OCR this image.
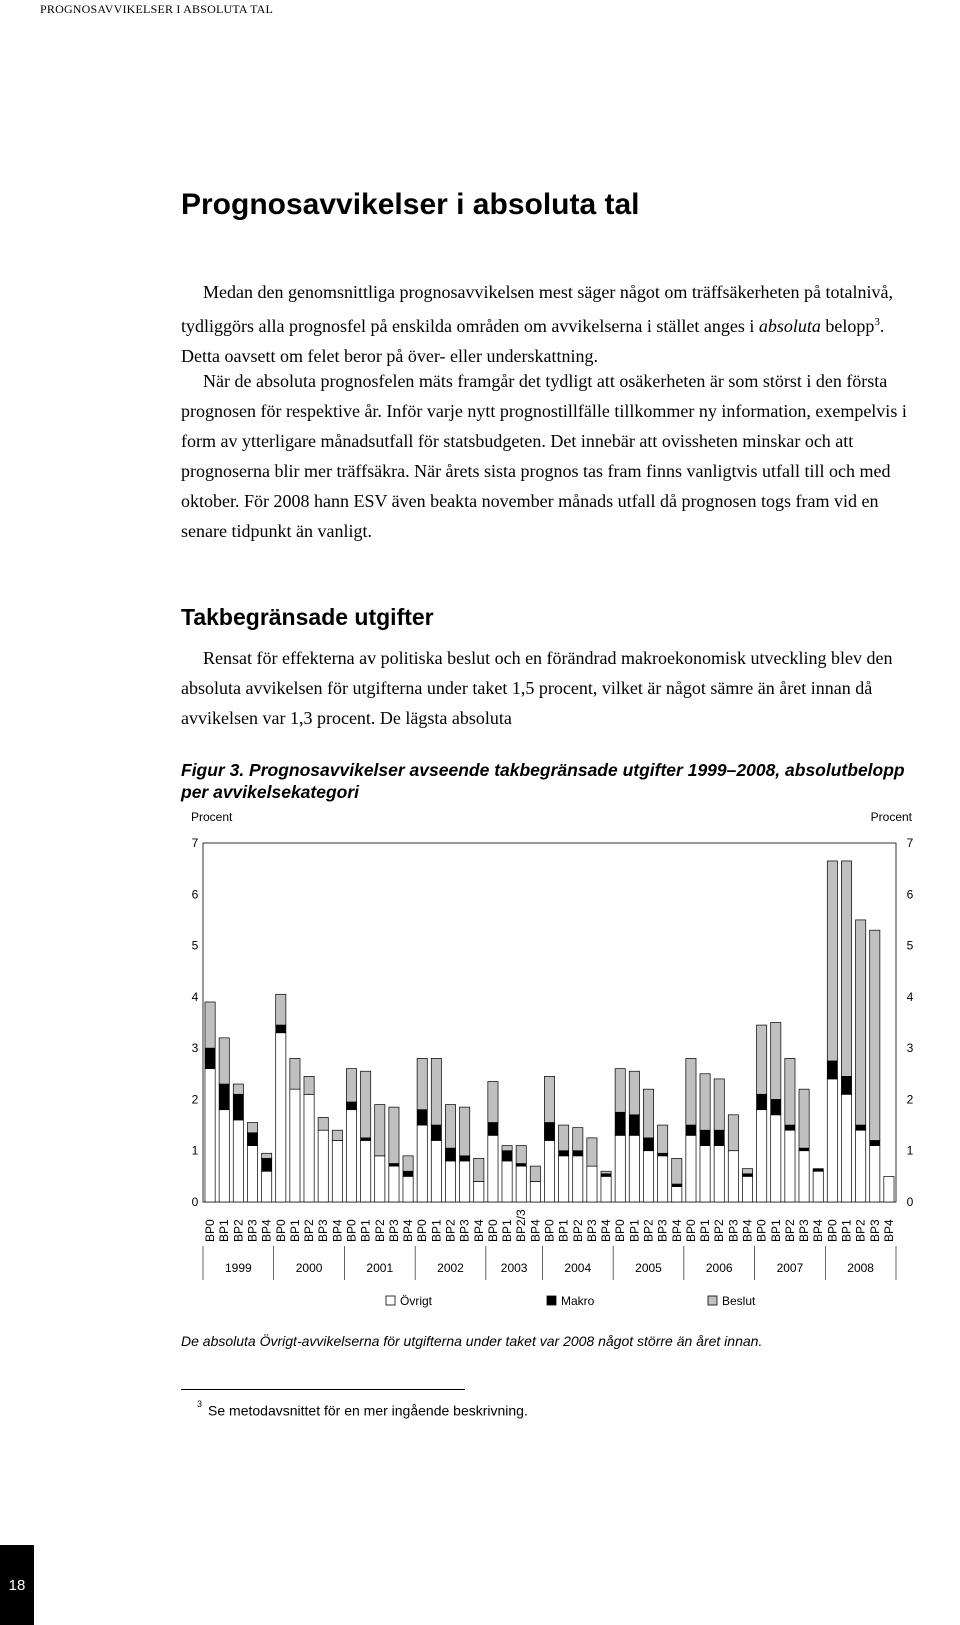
PROGNOSAVVIKELSER I ABSOLUTA TAL
Prognosavvikelser i absoluta tal

Medan den genomsnittliga prognosavvikelsen mest säger något om träffsäkerheten på totalnivå, tydliggörs alla prognosfel på enskilda områden om avvikelserna i stället anges i absoluta belopp$^3$. Detta oavsett om felet beror på över- eller underskattning.

När de absoluta prognosfelen mäts framgår det tydligt att osäkerheten är som störst i den första prognosen för respektive år. Inför varje nytt prognostillfälle tillkommer ny information, exempelvis i form av ytterligare månadsutfall för statsbudgeten. Det innebär att ovissheten minskar och att prognoserna blir mer träffsäkra. När årets sista prognos tas fram finns vanligtvis utfall till och med oktober. För 2008 hann ESV även beakta november månads utfall då prognosen togs fram vid en senare tidpunkt än vanligt.

Takbegränsade utgifter

Rensat för effekterna av politiska beslut och en förändrad makroekonomisk utveckling blev den absoluta avvikelsen för utgifterna under taket 1,5 procent, vilket är något sämre än året innan då avvikelsen var 1,3 procent. De lägsta absoluta

Figur 3. Prognosavvikelser avseende takbegränsade utgifter 1999–2008, absolutbelopp per avvikelsekategori
Procent	Procent
0	0
1	1
2	2
3	3
4	4
5	5
6	6
7	7
BP0 BP1 BP2 BP3 BP4 BP0 BP1 BP2 BP3 BP4 BP0 BP1 BP2 BP3 BP4 BP0 BP1 BP2 BP3 BP4 BP0 BP1 BP2/3 BP4 BP0 BP1 BP2 BP3 BP4 BP0 BP1 BP2 BP3 BP4 BP0 BP1 BP2 BP3 BP4 BP0 BP1 BP2 BP3 BP4 BP0 BP1 BP2 BP3 BP4
1999	2000	2001	2002	2003	2004	2005	2006	2007	2008
Övrigt	Makro	Beslut
De absoluta Övrigt-avvikelserna för utgifterna under taket var 2008 något större än året innan.
$^3$ Se metodavsnittet för en mer ingående beskrivning.
18
